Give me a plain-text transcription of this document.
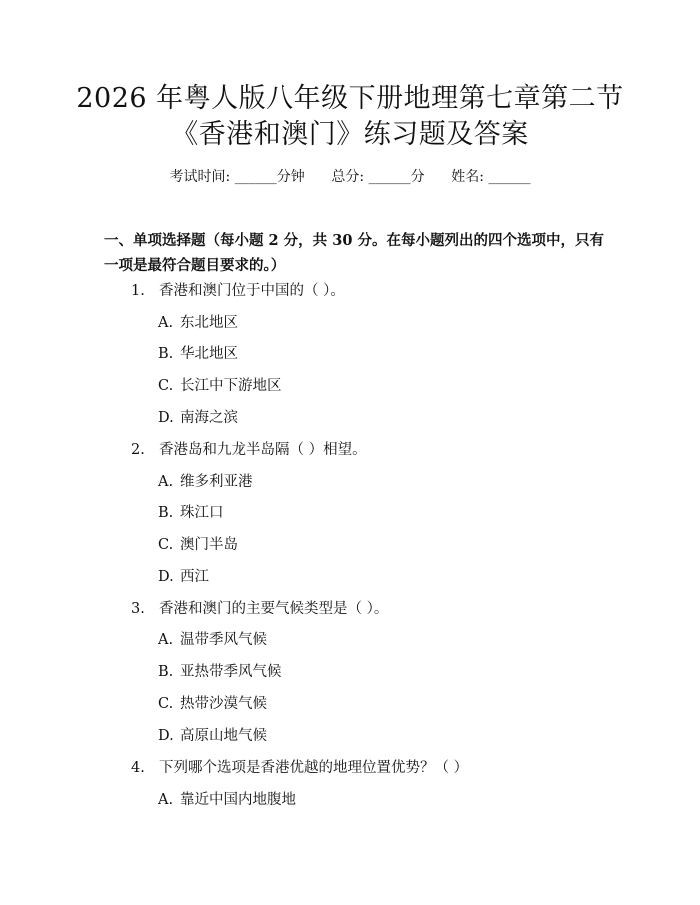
2026 年粤人版八年级下册地理第七章第二节
《香港和澳门》练习题及答案
考试时间: ______分钟      总分: ______分      姓名: ______
一、单项选择题（每小题 2 分，共 30 分。在每小题列出的四个选项中，只有一项是最符合题目要求的。）
1. 香港和澳门位于中国的（ ）。
A. 东北地区
B. 华北地区
C. 长江中下游地区
D. 南海之滨
2. 香港岛和九龙半岛隔（ ）相望。
A. 维多利亚港
B. 珠江口
C. 澳门半岛
D. 西江
3. 香港和澳门的主要气候类型是（ ）。
A. 温带季风气候
B. 亚热带季风气候
C. 热带沙漠气候
D. 高原山地气候
4. 下列哪个选项是香港优越的地理位置优势？（ ）
A. 靠近中国内地腹地
